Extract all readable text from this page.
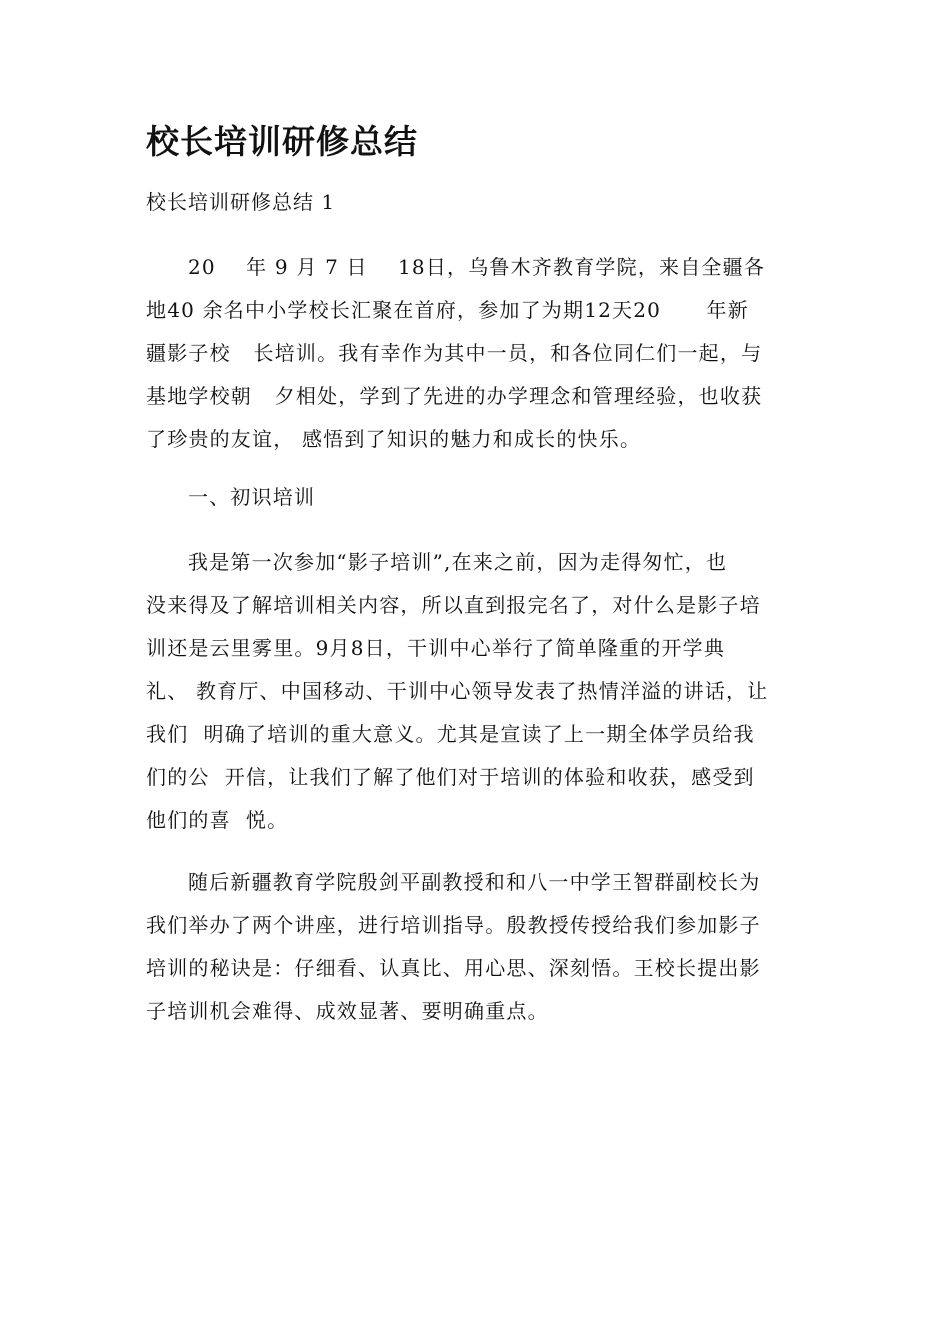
校长培训研修总结
校长培训研修总结 1
20    年 9 月 7 日    18日，乌鲁木齐教育学院，来自全疆各
地40 余名中小学校长汇聚在首府，参加了为期12天20      年新
疆影子校   长培训。我有幸作为其中一员，和各位同仁们一起，与
基地学校朝   夕相处，学到了先进的办学理念和管理经验，也收获
了珍贵的友谊， 感悟到了知识的魅力和成长的快乐。
一、初识培训
我是第一次参加“影子培训”,在来之前，因为走得匆忙，也
没来得及了解培训相关内容，所以直到报完名了，对什么是影子培
训还是云里雾里。9月8日，干训中心举行了简单隆重的开学典
礼、 教育厅、中国移动、干训中心领导发表了热情洋溢的讲话，让
我们  明确了培训的重大意义。尤其是宣读了上一期全体学员给我
们的公  开信，让我们了解了他们对于培训的体验和收获，感受到
他们的喜  悦。
随后新疆教育学院殷剑平副教授和和八一中学王智群副校长为
我们举办了两个讲座，进行培训指导。殷教授传授给我们参加影子
培训的秘诀是：仔细看、认真比、用心思、深刻悟。王校长提出影
子培训机会难得、成效显著、要明确重点。
